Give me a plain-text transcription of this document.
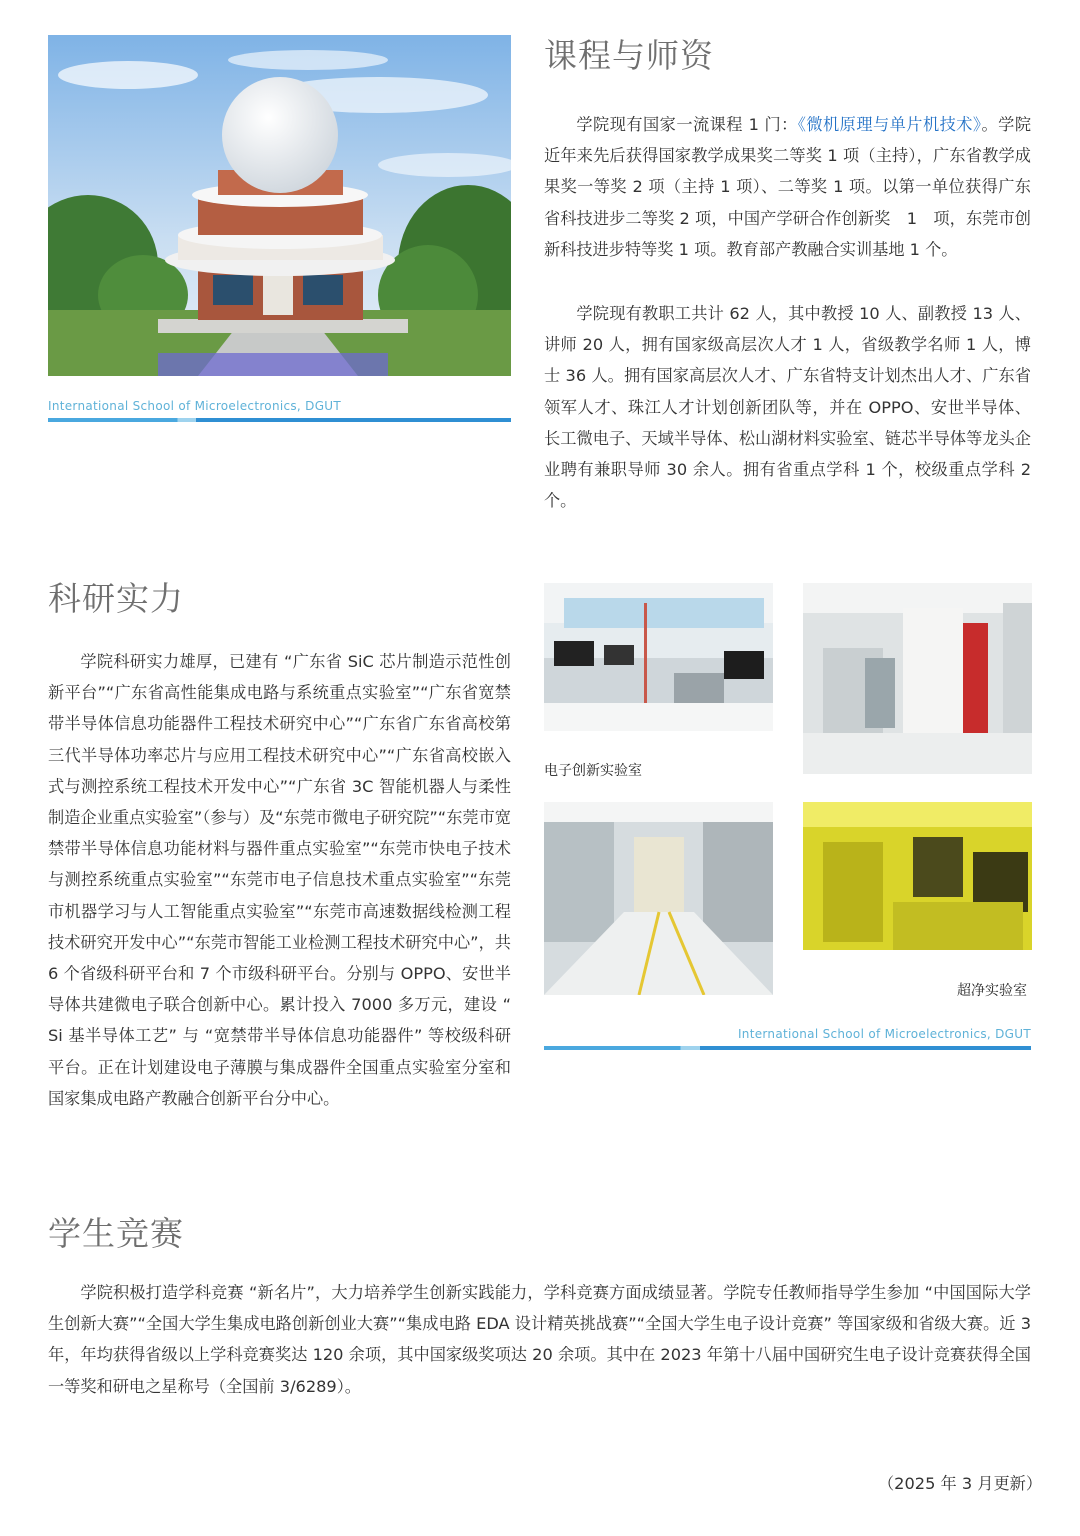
International School of Microelectronics, DGUT
课程与师资

学院现有国家一流课程 1 门：《微机原理与单片机技术》。学院近年来先后获得国家教学成果奖二等奖 1 项（主持），广东省教学成果奖一等奖 2 项（主持 1 项）、二等奖 1 项。以第一单位获得广东省科技进步二等奖 2 项，中国产学研合作创新奖　1　项，东莞市创新科技进步特等奖 1 项。教育部产教融合实训基地 1 个。

学院现有教职工共计 62 人，其中教授 10 人、副教授 13 人、讲师 20 人，拥有国家级高层次人才 1 人，省级教学名师 1 人，博士 36 人。拥有国家高层次人才、广东省特支计划杰出人才、广东省领军人才、珠江人才计划创新团队等，并在 OPPO、安世半导体、长工微电子、天域半导体、松山湖材料实验室、链芯半导体等龙头企业聘有兼职导师 30 余人。拥有省重点学科 1 个，校级重点学科 2 个。

科研实力

学院科研实力雄厚，已建有 “广东省 SiC 芯片制造示范性创新平台”“广东省高性能集成电路与系统重点实验室”“广东省宽禁带半导体信息功能器件工程技术研究中心”“广东省广东省高校第三代半导体功率芯片与应用工程技术研究中心”“广东省高校嵌入式与测控系统工程技术开发中心”“广东省 3C 智能机器人与柔性制造企业重点实验室”（参与）及“东莞市微电子研究院”“东莞市宽禁带半导体信息功能材料与器件重点实验室”“东莞市快电子技术与测控系统重点实验室”“东莞市电子信息技术重点实验室”“东莞市机器学习与人工智能重点实验室”“东莞市高速数据线检测工程技术研究开发中心”“东莞市智能工业检测工程技术研究中心”，共 6 个省级科研平台和 7 个市级科研平台。分别与 OPPO、安世半导体共建微电子联合创新中心。累计投入 7000 多万元，建设 “ Si 基半导体工艺” 与 “宽禁带半导体信息功能器件” 等校级科研平台。正在计划建设电子薄膜与集成器件全国重点实验室分室和国家集成电路产教融合创新平台分中心。

电子创新实验室
超净实验室
International School of Microelectronics, DGUT
学生竞赛

学院积极打造学科竞赛 “新名片”，大力培养学生创新实践能力，学科竞赛方面成绩显著。学院专任教师指导学生参加 “中国国际大学生创新大赛”“全国大学生集成电路创新创业大赛”“集成电路 EDA 设计精英挑战赛”“全国大学生电子设计竞赛” 等国家级和省级大赛。近 3 年，年均获得省级以上学科竞赛奖达 120 余项，其中国家级奖项达 20 余项。其中在 2023 年第十八届中国研究生电子设计竞赛获得全国一等奖和研电之星称号（全国前 3/6289）。

（2025 年 3 月更新）
